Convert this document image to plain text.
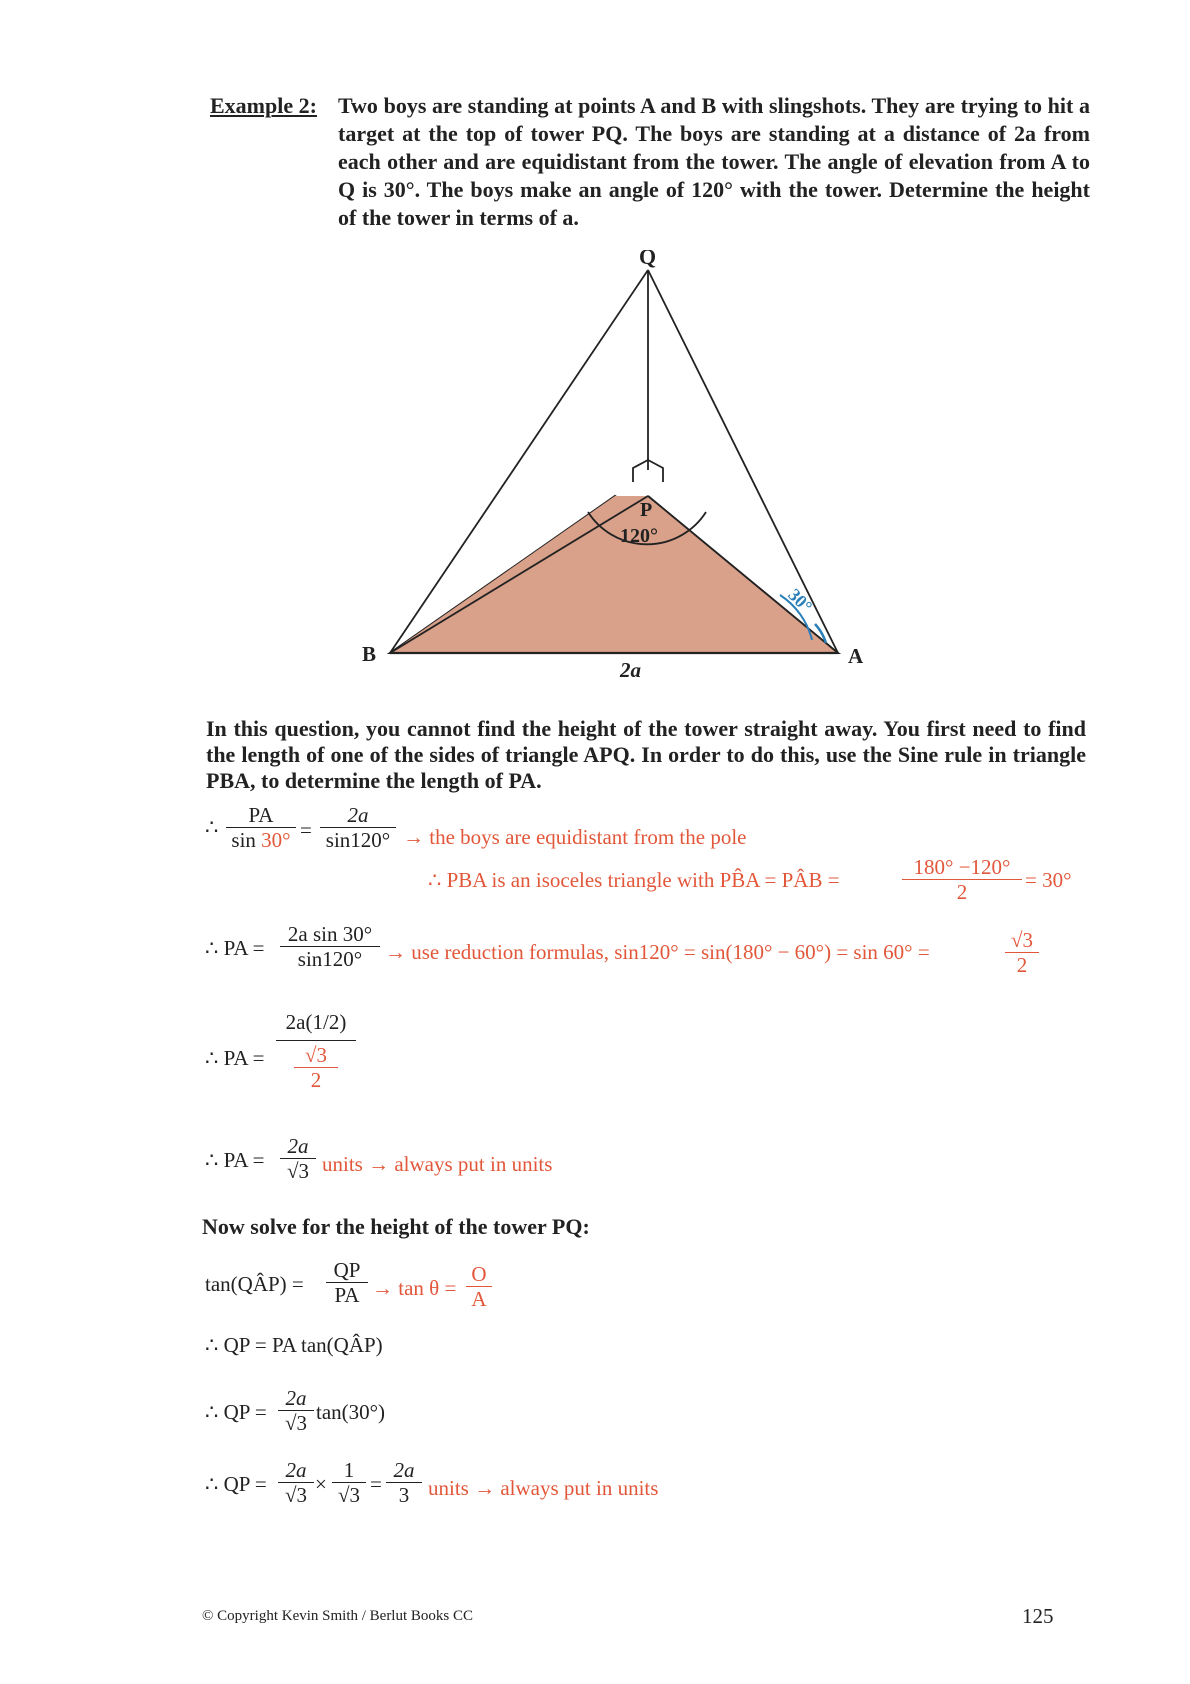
Example 2: Two boys are standing at points A and B with slingshots. They are trying to hit a target at the top of tower PQ. The boys are standing at a distance of 2a from each other and are equidistant from the tower. The angle of elevation from A to Q is 30°. The boys make an angle of 120° with the tower. Determine the height of the tower in terms of a.
Q
P
120°
30°
B	A
2a
In this question, you cannot find the height of the tower straight away. You first need to find the length of one of the sides of triangle APQ. In order to do this, use the Sine rule in triangle PBA, to determine the length of PA.
∴ $\frac{PA}{\sin 30^\circ} = \frac{2a}{\sin 120^\circ}$ → the boys are equidistant from the pole
∴ PBA is an isoceles triangle with PB̂A = PÂB =	$\frac{180^\circ -120^\circ}{2} = 30^\circ$
∴ PA = $\frac{\text{2a sin 30°}}{\sin 120^\circ}$ → use reduction formulas, sin120° = sin(180° − 60°) = sin 60° =	$\frac{√3}{2}$
∴ PA = 2a(1/2)
√3
2
∴ PA = $\frac{2a}{√3}$ units → always put in units
Now solve for the height of the tower PQ:
tan(QÂP) = $\frac{QP}{PA} \to \tan \theta = \frac{O}{A}$
∴ QP = PA tan(QÂP)
∴ QP = $\frac{2a}{√3} \tan(30^\circ)$
∴ QP = $\frac{2a}{√3} \times \frac{1}{√3} = \frac{2a}{3}$ units → always put in units
© Copyright Kevin Smith / Berlut Books CC	125
